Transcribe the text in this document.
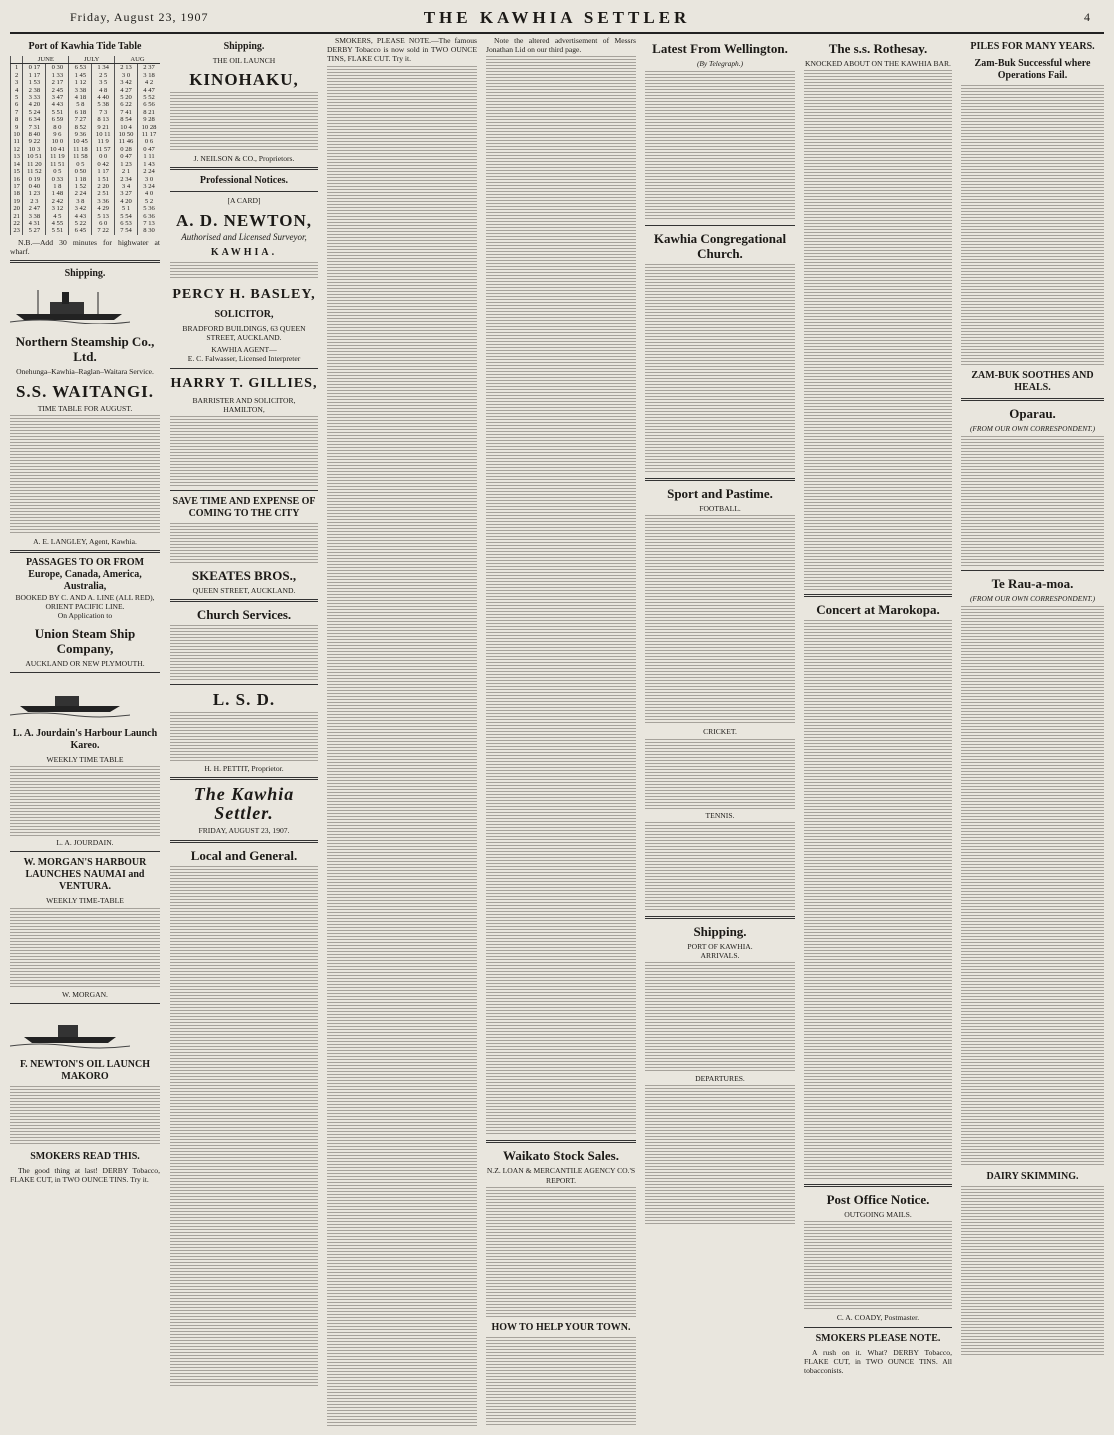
Friday, August 23, 1907	THE KAWHIA SETTLER	4
Port of Kawhia Tide Table
	JUNE		JULY		AUG	
1	0 17	0 30	6 53	1 34	2 13	2 37
2	1 17	1 33	1 45	2 5	3 0	3 18
3	1 53	2 17	1 12	3 5	3 42	4 2
4	2 38	2 45	3 38	4 8	4 27	4 47
5	3 33	3 47	4 18	4 40	5 20	5 52
6	4 20	4 43	5 8	5 38	6 22	6 56
7	5 24	5 51	6 18	7 3	7 41	8 21
8	6 34	6 59	7 27	8 13	8 54	9 28
9	7 31	8 0	8 52	9 21	10 4	10 28
10	8 40	9 6	9 36	10 11	10 50	11 17
11	9 22	10 0	10 45	11 9	11 46	0 6
12	10 3	10 41	11 18	11 57	0 28	0 47
13	10 51	11 19	11 58	0 0	0 47	1 11
14	11 20	11 51	0 5	0 42	1 23	1 43
15	11 52	0 5	0 50	1 17	2 1	2 24
16	0 19	0 33	1 18	1 51	2 34	3 0
17	0 40	1 8	1 52	2 20	3 4	3 24
18	1 23	1 48	2 24	2 51	3 27	4 0
19	2 3	2 42	3 8	3 36	4 20	5 2
20	2 47	3 12	3 42	4 29	5 1	5 36
21	3 38	4 5	4 43	5 13	5 54	6 36
22	4 31	4 55	5 22	6 0	6 53	7 13
23	5 27	5 51	6 45	7 22	7 54	8 30
N.B.—Add 30 minutes for highwater at wharf.
Shipping.
Northern Steamship Co., Ltd.
Onehunga–Kawhia–Raglan–Waitara Service.
S.S. WAITANGI.
TIME TABLE FOR AUGUST.
A. E. LANGLEY, Agent, Kawhia.
PASSAGES TO OR FROM Europe, Canada, America, Australia,
BOOKED BY C. AND A. LINE (ALL RED), ORIENT PACIFIC LINE.
On Application to
Union Steam Ship Company,
AUCKLAND OR NEW PLYMOUTH.
L. A. Jourdain's Harbour Launch Kareo.
WEEKLY TIME TABLE
L. A. JOURDAIN.
W. MORGAN'S HARBOUR LAUNCHES NAUMAI and VENTURA.
WEEKLY TIME-TABLE
W. MORGAN.
F. NEWTON'S OIL LAUNCH MAKORO
SMOKERS READ THIS.
The good thing at last! DERBY Tobacco, FLAKE CUT, in TWO OUNCE TINS. Try it.
Shipping.
THE OIL LAUNCH
KINOHAKU,
J. NEILSON & CO., Proprietors.
Professional Notices.
[A CARD]
A. D. NEWTON,
Authorised and Licensed Surveyor,
KAWHIA.
PERCY H. BASLEY,
SOLICITOR,
BRADFORD BUILDINGS, 63 QUEEN STREET, AUCKLAND.
KAWHIA AGENT—
E. C. Falwasser, Licensed Interpreter
HARRY T. GILLIES,
BARRISTER AND SOLICITOR,
HAMILTON,
SAVE TIME AND EXPENSE OF COMING TO THE CITY
SKEATES BROS.,
QUEEN STREET, AUCKLAND.
Church Services.
L. S. D.
H. H. PETTIT, Proprietor.
The Kawhia Settler.
FRIDAY, AUGUST 23, 1907.
Local and General.
SMOKERS, PLEASE NOTE.—The famous DERBY Tobacco is now sold in TWO OUNCE TINS, FLAKE CUT. Try it.
Note the altered advertisement of Messrs Jonathan Lid on our third page.
Waikato Stock Sales.
N.Z. LOAN & MERCANTILE AGENCY CO.'S REPORT.
HOW TO HELP YOUR TOWN.
Latest From Wellington.
(By Telegraph.)
Kawhia Congregational Church.
Sport and Pastime.
FOOTBALL.
CRICKET.
TENNIS.
Shipping.
PORT OF KAWHIA.
ARRIVALS.
DEPARTURES.
The s.s. Rothesay.
KNOCKED ABOUT ON THE KAWHIA BAR.
Concert at Marokopa.
Post Office Notice.
OUTGOING MAILS.
C. A. COADY, Postmaster.
SMOKERS PLEASE NOTE.
A rush on it. What? DERBY Tobacco, FLAKE CUT, in TWO OUNCE TINS. All tobacconists.
PILES FOR MANY YEARS.
Zam-Buk Successful where Operations Fail.
ZAM-BUK SOOTHES AND HEALS.
Oparau.
(FROM OUR OWN CORRESPONDENT.)
Te Rau-a-moa.
(FROM OUR OWN CORRESPONDENT.)
DAIRY SKIMMING.
